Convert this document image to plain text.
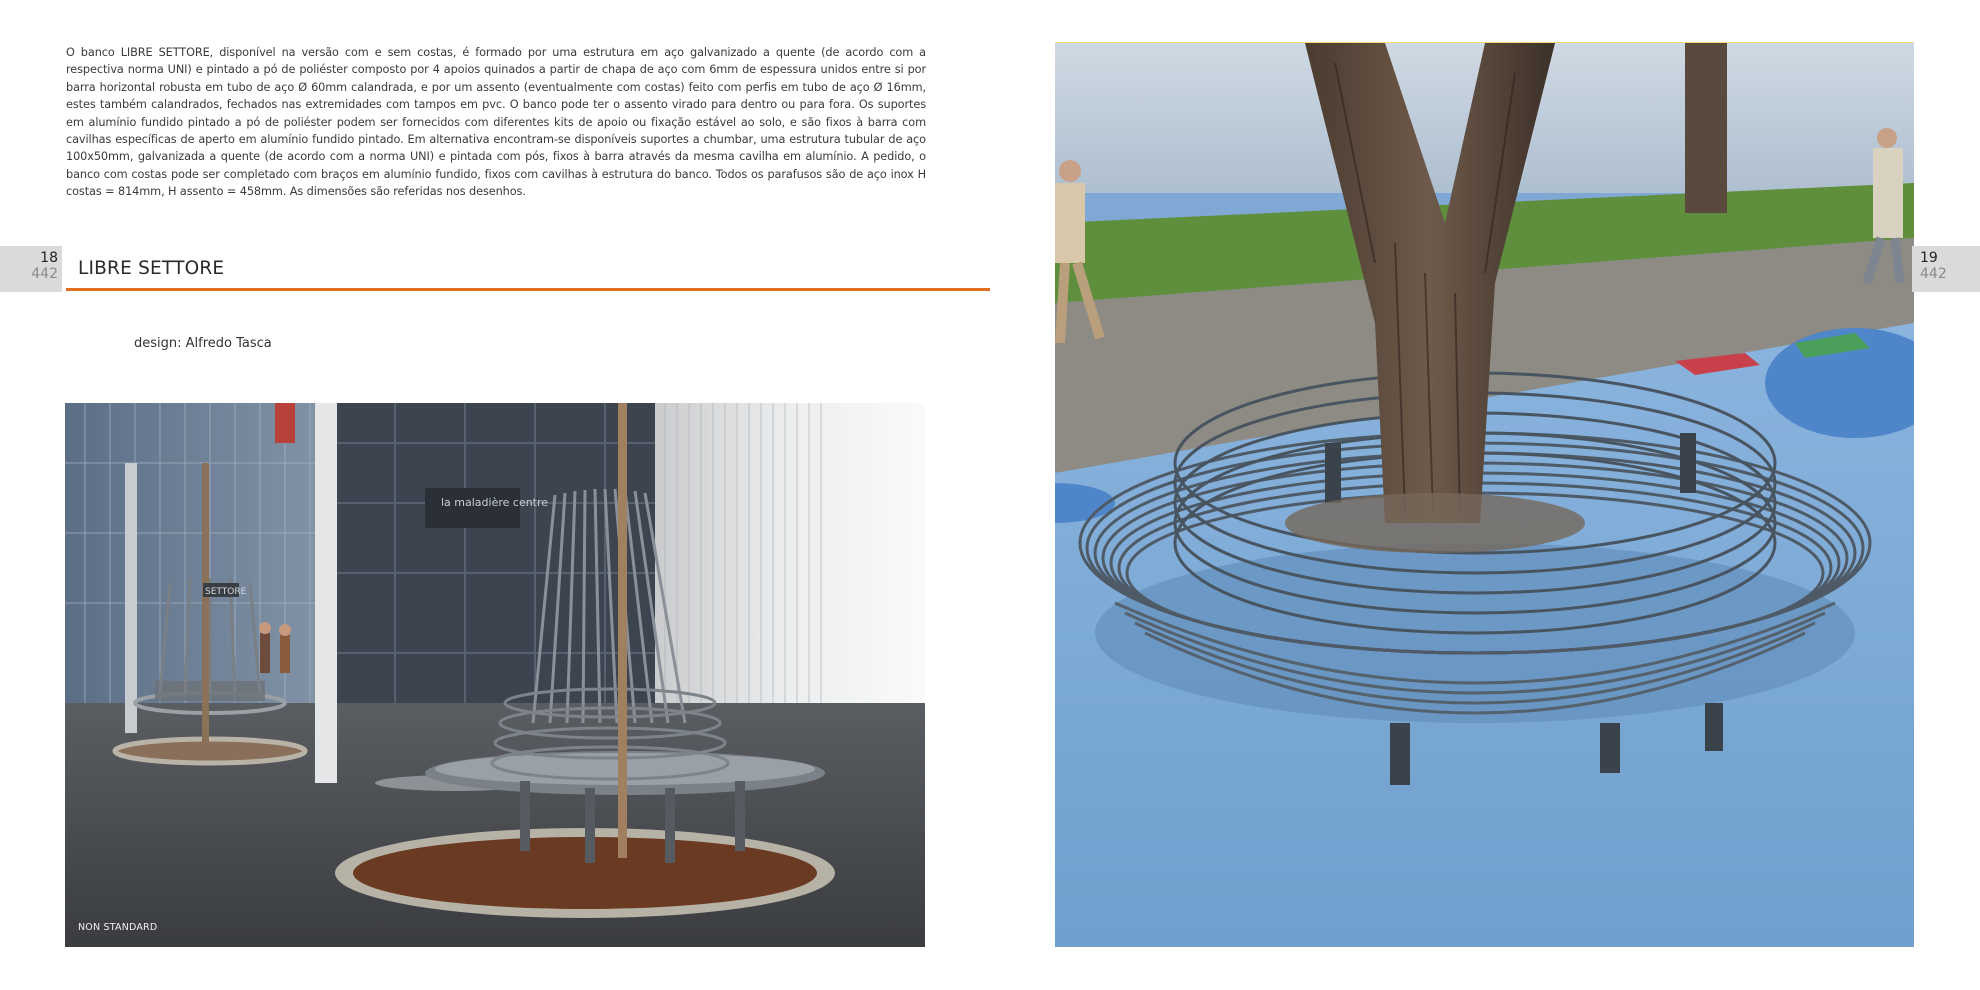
O banco LIBRE SETTORE, disponível na versão com e sem costas, é formado por uma estrutura em aço galvanizado a quente (de acordo com a respectiva norma UNI) e pintado a pó de poliéster composto por 4 apoios quinados a partir de chapa de aço com 6mm de espessura unidos entre si por barra horizontal robusta em tubo de aço Ø 60mm calandrada, e por um assento (eventualmente com costas) feito com perfis em tubo de aço Ø 16mm, estes também calandrados, fechados nas extremidades com tampos em pvc. O banco pode ter o assento virado para dentro ou para fora. Os suportes em alumínio fundido pintado a pó de poliéster podem ser fornecidos com diferentes kits de apoio ou fixação estável ao solo, e são fixos à barra com cavilhas específicas de aperto em alumínio fundido pintado. Em alternativa encontram-se disponíveis suportes a chumbar, uma estrutura tubular de aço 100x50mm, galvanizada a quente (de acordo com a norma UNI) e pintada com pós, fixos à barra através da mesma cavilha em alumínio. A pedido, o banco com costas pode ser completado com braços em alumínio fundido, fixos com cavilhas à estrutura do banco. Todos os parafusos são de aço inox H costas = 814mm, H assento = 458mm. As dimensões são referidas nos desenhos.
18
442 LIBRE SETTORE
design: Alfredo Tasca
la maladière centre
SETTORE
NON STANDARD
19
442
